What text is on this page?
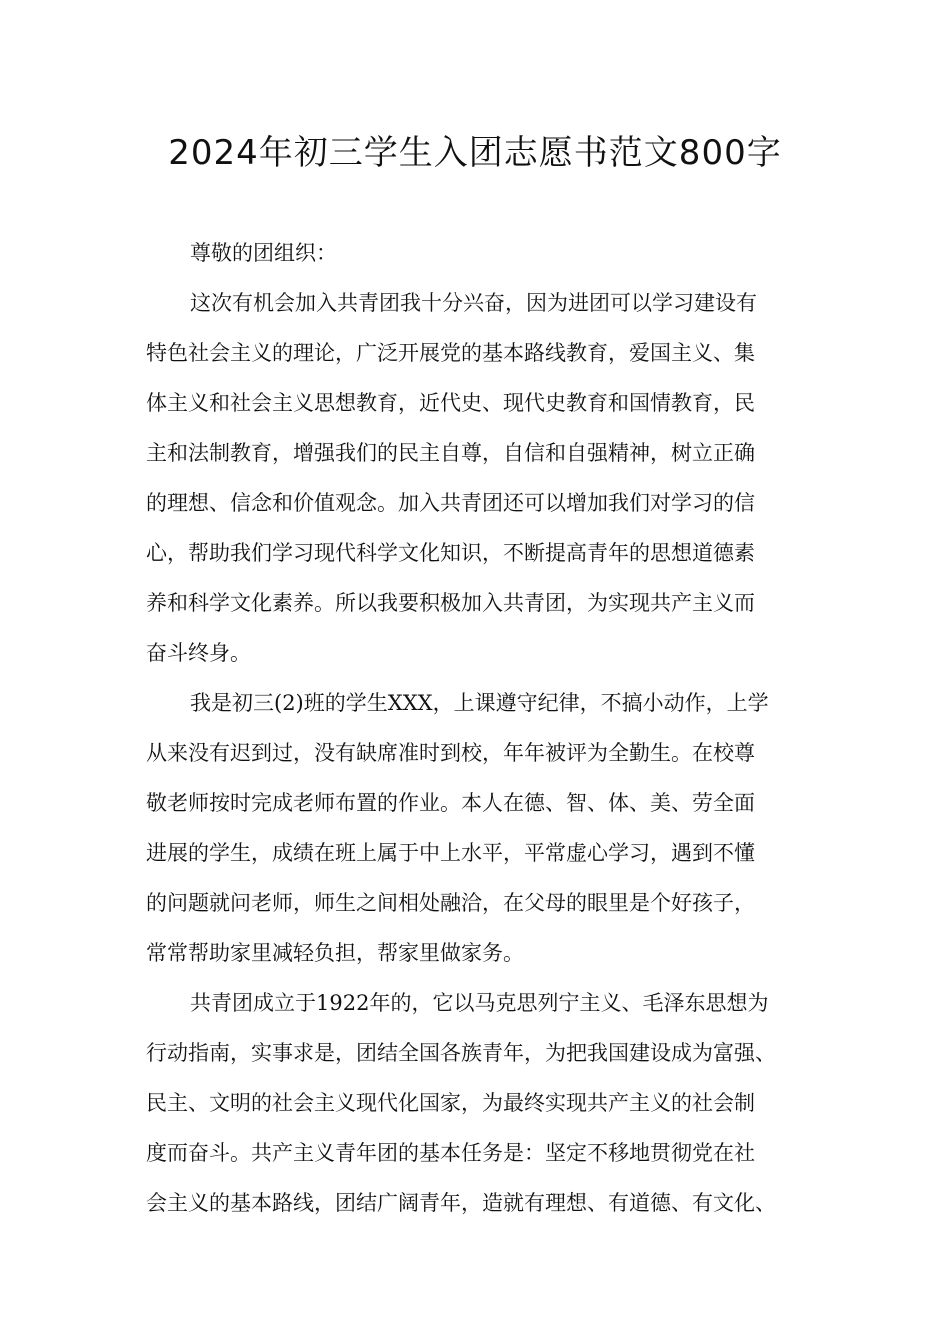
2024年初三学生入团志愿书范文800字
尊敬的团组织：
这次有机会加入共青团我十分兴奋，因为进团可以学习建设有
特色社会主义的理论，广泛开展党的基本路线教育，爱国主义、集
体主义和社会主义思想教育，近代史、现代史教育和国情教育，民
主和法制教育，增强我们的民主自尊，自信和自强精神，树立正确
的理想、信念和价值观念。加入共青团还可以增加我们对学习的信
心，帮助我们学习现代科学文化知识，不断提高青年的思想道德素
养和科学文化素养。所以我要积极加入共青团，为实现共产主义而
奋斗终身。
我是初三(2)班的学生XXX，上课遵守纪律，不搞小动作，上学
从来没有迟到过，没有缺席准时到校，年年被评为全勤生。在校尊
敬老师按时完成老师布置的作业。本人在德、智、体、美、劳全面
进展的学生，成绩在班上属于中上水平，平常虚心学习，遇到不懂
的问题就问老师，师生之间相处融洽，在父母的眼里是个好孩子，
常常帮助家里减轻负担，帮家里做家务。
共青团成立于1922年的，它以马克思列宁主义、毛泽东思想为
行动指南，实事求是，团结全国各族青年，为把我国建设成为富强、
民主、文明的社会主义现代化国家，为最终实现共产主义的社会制
度而奋斗。共产主义青年团的基本任务是：坚定不移地贯彻党在社
会主义的基本路线，团结广阔青年，造就有理想、有道德、有文化、
